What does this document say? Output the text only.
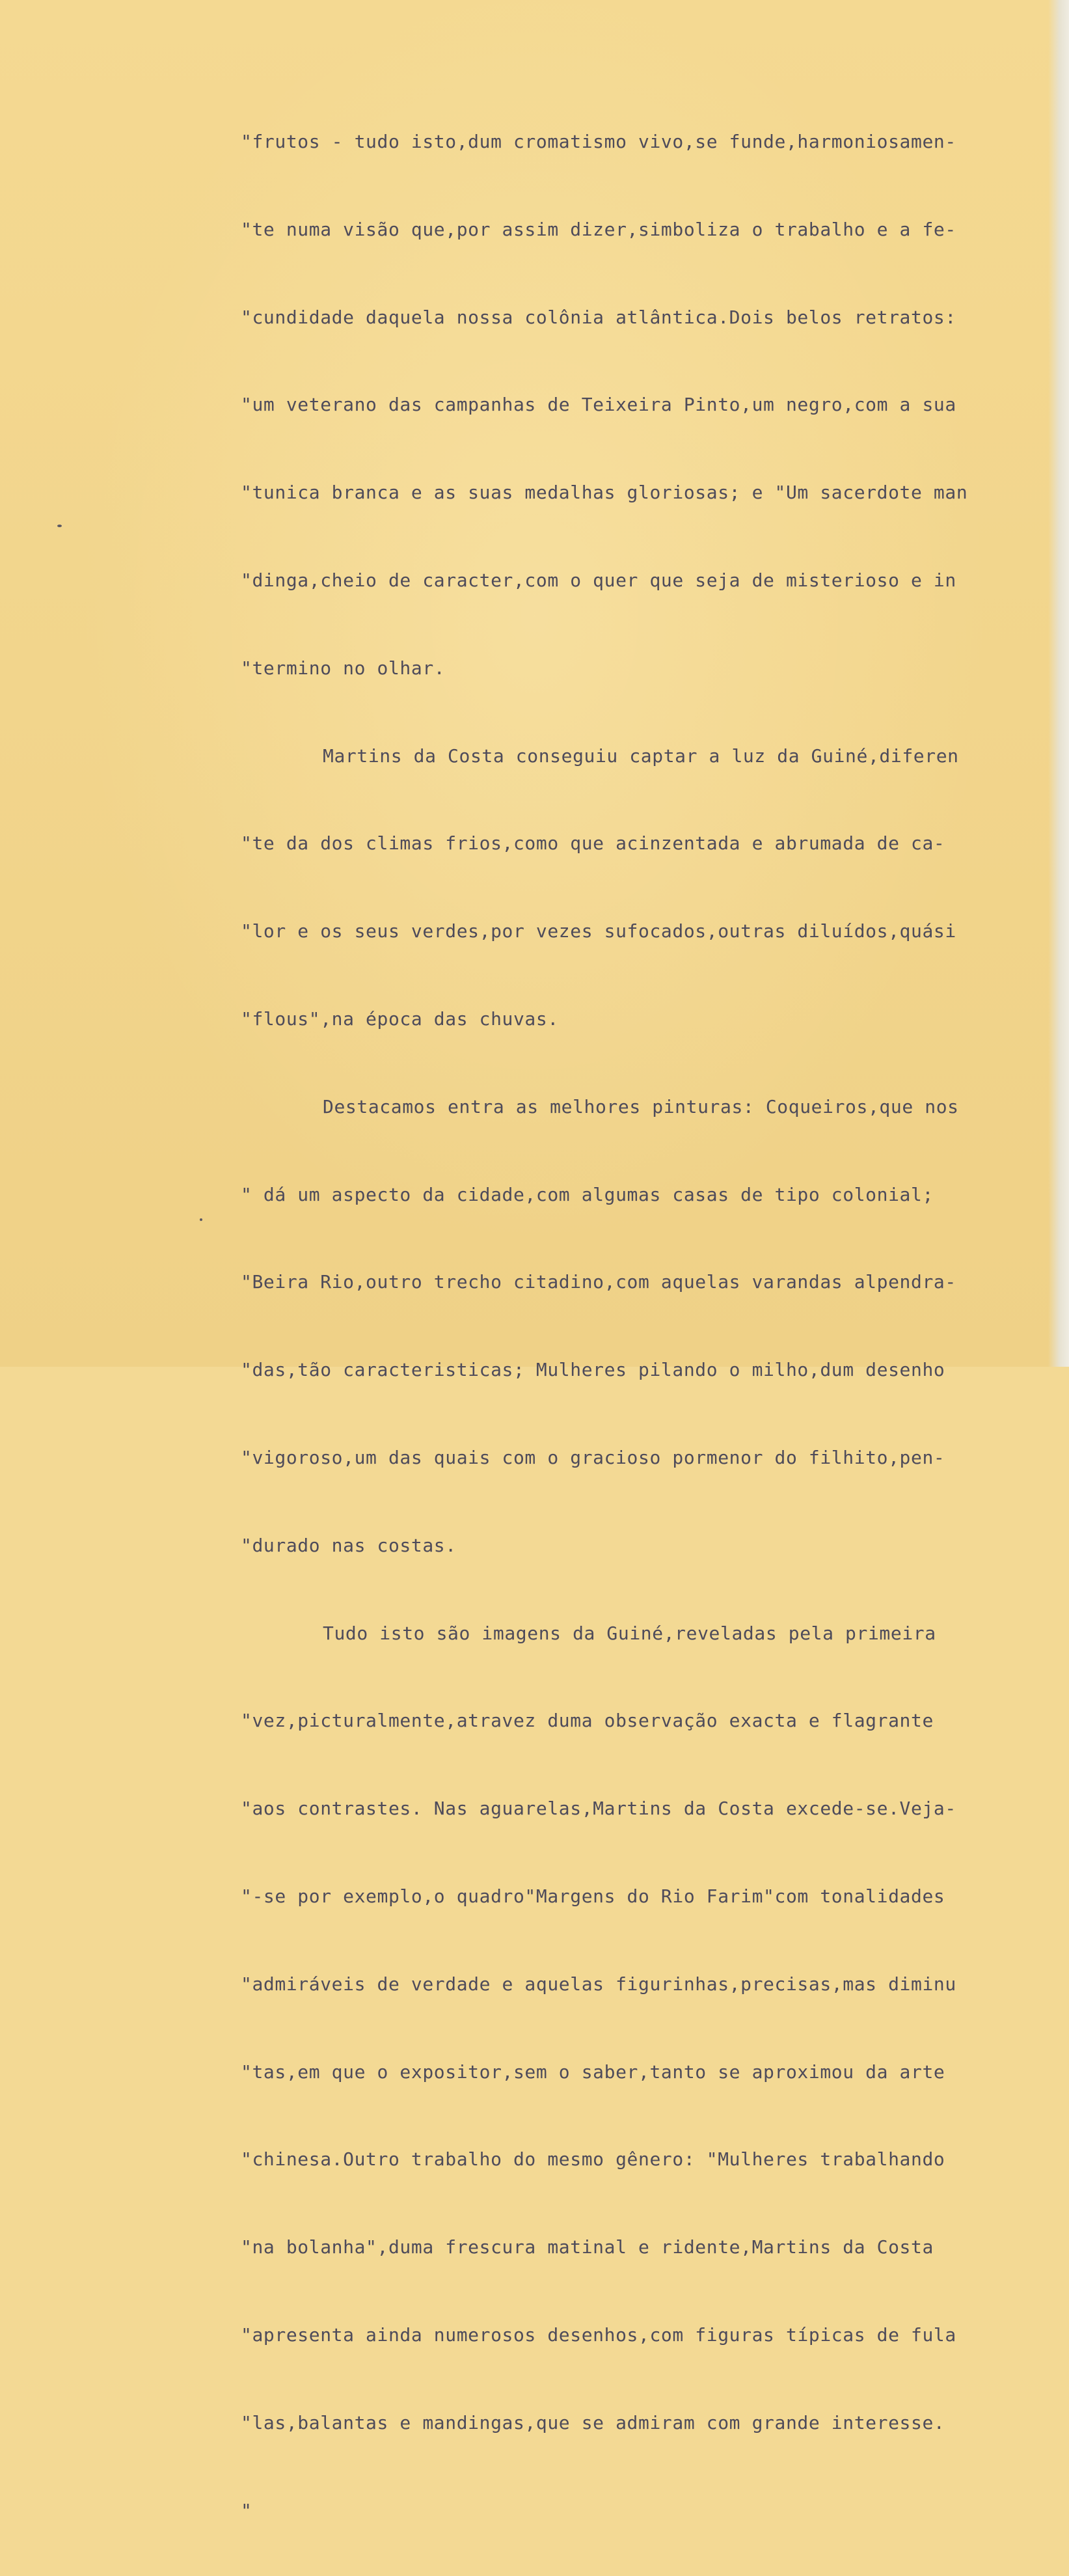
"frutos - tudo isto,dum cromatismo vivo,se funde,harmoniosamen-

"te numa visão que,por assim dizer,simboliza o trabalho e a fe-

"cundidade daquela nossa colônia atlântica.Dois belos retratos:

"um veterano das campanhas de Teixeira Pinto,um negro,com a sua

"tunica branca e as suas medalhas gloriosas; e "Um sacerdote man

"dinga,cheio de caracter,com o quer que seja de misterioso e in

"termino no olhar.

Martins da Costa conseguiu captar a luz da Guiné,diferen

"te da dos climas frios,como que acinzentada e abrumada de ca-

"lor e os seus verdes,por vezes sufocados,outras diluídos,quási

"flous",na época das chuvas.

Destacamos entra as melhores pinturas: Coqueiros,que nos

" dá um aspecto da cidade,com algumas casas de tipo colonial;

"Beira Rio,outro trecho citadino,com aquelas varandas alpendra-

"das,tão caracteristicas; Mulheres pilando o milho,dum desenho

"vigoroso,um das quais com o gracioso pormenor do filhito,pen-

"durado nas costas.

Tudo isto são imagens da Guiné,reveladas pela primeira

"vez,picturalmente,atravez duma observação exacta e flagrante

"aos contrastes. Nas aguarelas,Martins da Costa excede-se.Veja-

"-se por exemplo,o quadro"Margens do Rio Farim"com tonalidades

"admiráveis de verdade e aquelas figurinhas,precisas,mas diminu

"tas,em que o expositor,sem o saber,tanto se aproximou da arte

"chinesa.Outro trabalho do mesmo gênero: "Mulheres trabalhando

"na bolanha",duma frescura matinal e ridente,Martins da Costa

"apresenta ainda numerosos desenhos,com figuras típicas de fula

"las,balantas e mandingas,que se admiram com grande interesse.

"
